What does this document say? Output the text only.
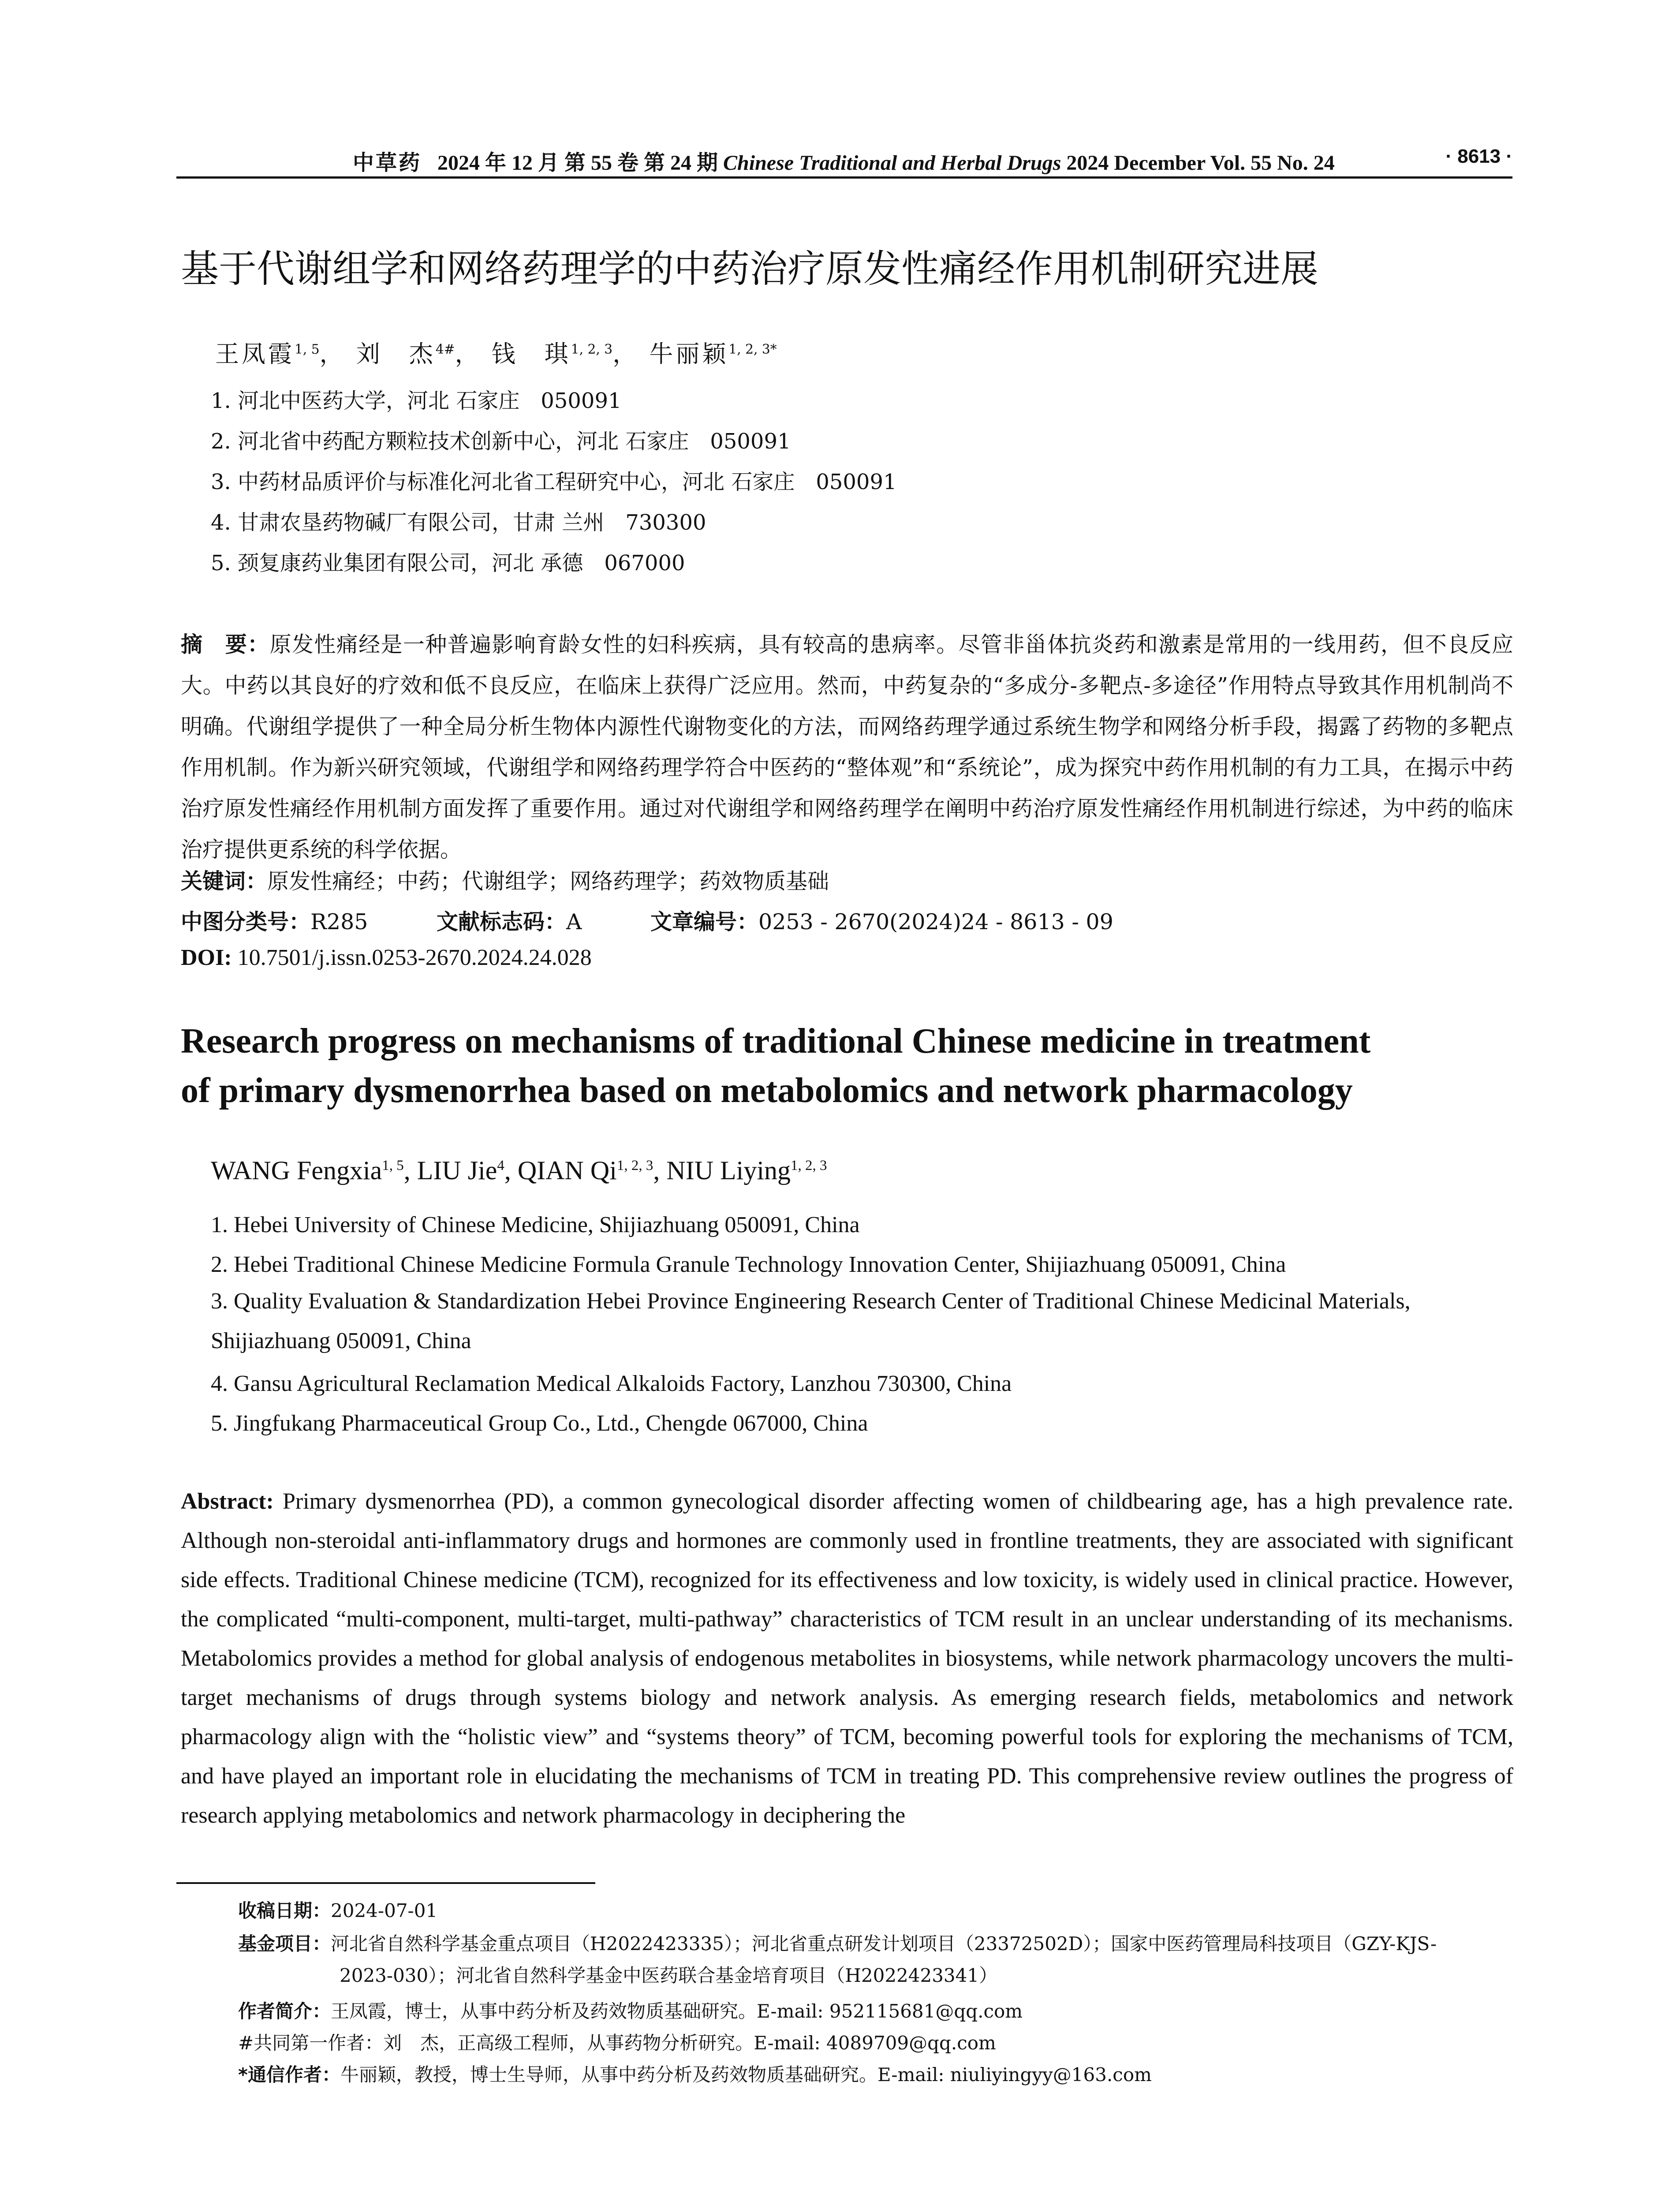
中草药 2024 年 12 月 第 55 卷 第 24 期 Chinese Traditional and Herbal Drugs 2024 December Vol. 55 No. 24	· 8613 ·
基于代谢组学和网络药理学的中药治疗原发性痛经作用机制研究进展
王凤霞$^{1, 5}$， 刘　杰$^{4\#}$， 钱　琪$^{1, 2, 3}$， 牛丽颖$^{1, 2, 3*}$
1. 河北中医药大学，河北 石家庄　050091
2. 河北省中药配方颗粒技术创新中心，河北 石家庄　050091
3. 中药材品质评价与标准化河北省工程研究中心，河北 石家庄　050091
4. 甘肃农垦药物碱厂有限公司，甘肃 兰州　730300
5. 颈复康药业集团有限公司，河北 承德　067000
摘　要：原发性痛经是一种普遍影响育龄女性的妇科疾病，具有较高的患病率。尽管非甾体抗炎药和激素是常用的一线用药，但不良反应大。中药以其良好的疗效和低不良反应，在临床上获得广泛应用。然而，中药复杂的“多成分-多靶点-多途径”作用特点导致其作用机制尚不明确。代谢组学提供了一种全局分析生物体内源性代谢物变化的方法，而网络药理学通过系统生物学和网络分析手段，揭露了药物的多靶点作用机制。作为新兴研究领域，代谢组学和网络药理学符合中医药的“整体观”和“系统论”，成为探究中药作用机制的有力工具，在揭示中药治疗原发性痛经作用机制方面发挥了重要作用。通过对代谢组学和网络药理学在阐明中药治疗原发性痛经作用机制进行综述，为中药的临床治疗提供更系统的科学依据。
关键词：原发性痛经；中药；代谢组学；网络药理学；药效物质基础
中图分类号：R285	文献标志码：A	文章编号：0253 - 2670(2024)24 - 8613 - 09
DOI: 10.7501/j.issn.0253-2670.2024.24.028
Research progress on mechanisms of traditional Chinese medicine in treatment
of primary dysmenorrhea based on metabolomics and network pharmacology
WANG Fengxia$^{1, 5}$, LIU Jie$^4$, QIAN Qi$^{1, 2, 3}$, NIU Liying$^{1, 2, 3}$
1. Hebei University of Chinese Medicine, Shijiazhuang 050091, China
2. Hebei Traditional Chinese Medicine Formula Granule Technology Innovation Center, Shijiazhuang 050091, China
3. Quality Evaluation & Standardization Hebei Province Engineering Research Center of Traditional Chinese Medicinal Materials, Shijiazhuang 050091, China
4. Gansu Agricultural Reclamation Medical Alkaloids Factory, Lanzhou 730300, China
5. Jingfukang Pharmaceutical Group Co., Ltd., Chengde 067000, China
Abstract: Primary dysmenorrhea (PD), a common gynecological disorder affecting women of childbearing age, has a high prevalence rate. Although non-steroidal anti-inflammatory drugs and hormones are commonly used in frontline treatments, they are associated with significant side effects. Traditional Chinese medicine (TCM), recognized for its effectiveness and low toxicity, is widely used in clinical practice. However, the complicated “multi-component, multi-target, multi-pathway” characteristics of TCM result in an unclear understanding of its mechanisms. Metabolomics provides a method for global analysis of endogenous metabolites in biosystems, while network pharmacology uncovers the multi-target mechanisms of drugs through systems biology and network analysis. As emerging research fields, metabolomics and network pharmacology align with the “holistic view” and “systems theory” of TCM, becoming powerful tools for exploring the mechanisms of TCM, and have played an important role in elucidating the mechanisms of TCM in treating PD. This comprehensive review outlines the progress of research applying metabolomics and network pharmacology in deciphering the
收稿日期：2024-07-01
基金项目：河北省自然科学基金重点项目（H2022423335）；河北省重点研发计划项目（23372502D）；国家中医药管理局科技项目（GZY-KJS-
2023-030）；河北省自然科学基金中医药联合基金培育项目（H2022423341）
作者简介：王凤霞，博士，从事中药分析及药效物质基础研究。E-mail: 952115681@qq.com
#共同第一作者：刘　杰，正高级工程师，从事药物分析研究。E-mail: 4089709@qq.com
*通信作者：牛丽颖，教授，博士生导师，从事中药分析及药效物质基础研究。E-mail: niuliyingyy@163.com
